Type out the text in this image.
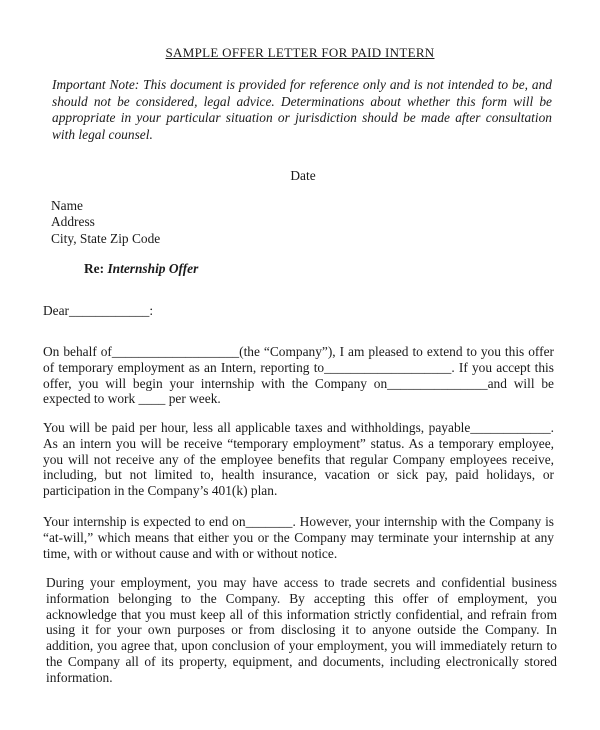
SAMPLE OFFER LETTER FOR PAID INTERN
Important Note: This document is provided for reference only and is not intended to be, and should not be considered, legal advice. Determinations about whether this form will be appropriate in your particular situation or jurisdiction should be made after consultation with legal counsel.
Date
Name
Address
City, State Zip Code
Re: Internship Offer
Dear____________:
On behalf of___________________(the “Company”), I am pleased to extend to you this offer of temporary employment as an Intern, reporting to___________________. If you accept this offer, you will begin your internship with the Company on_______________and will be expected to work ____ per week.
You will be paid per hour, less all applicable taxes and withholdings, payable____________. As an intern you will be receive “temporary employment” status. As a temporary employee, you will not receive any of the employee benefits that regular Company employees receive, including, but not limited to, health insurance, vacation or sick pay, paid holidays, or participation in the Company’s 401(k) plan.
Your internship is expected to end on_______. However, your internship with the Company is “at-will,” which means that either you or the Company may terminate your internship at any time, with or without cause and with or without notice.
During your employment, you may have access to trade secrets and confidential business information belonging to the Company. By accepting this offer of employment, you acknowledge that you must keep all of this information strictly confidential, and refrain from using it for your own purposes or from disclosing it to anyone outside the Company. In addition, you agree that, upon conclusion of your employment, you will immediately return to the Company all of its property, equipment, and documents, including electronically stored information.
